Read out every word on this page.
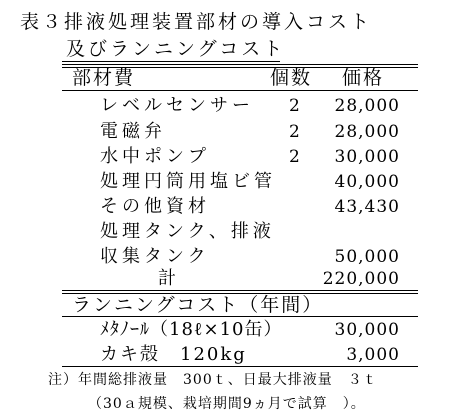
表３排液処理装置部材の導入コスト
及びランニングコスト
部材費	個数 価格
レベルセンサー 2 28,000
電磁弁	2 28,000
水中ポンプ	2 30,000
処理円筒用塩ビ管	40,000
その他資材	43,430
処理タンク、排液
収集タンク	50,000
計	220,000
ランニングコスト（年間）
ﾒﾀﾉｰﾙ（18ℓ×10缶）	30,000
カキ殻　120kg	3,000
注）年間総排液量　300ｔ、日最大排液量　３ｔ
（30ａ規模、栽培期間9ヵ月で試算　）。
